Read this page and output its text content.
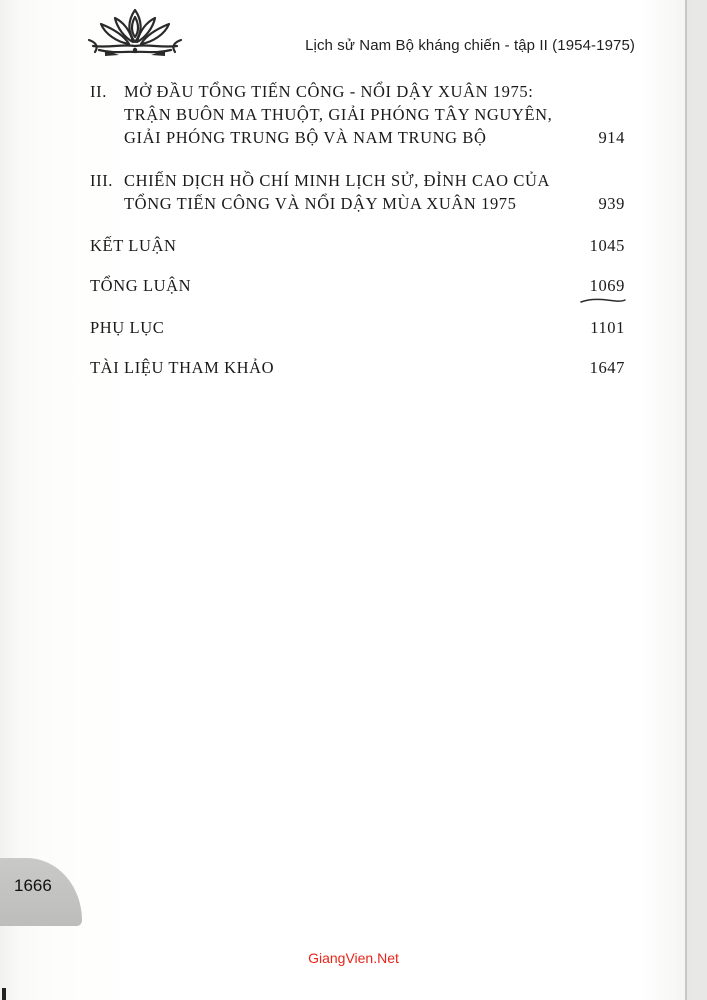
Lịch sử Nam Bộ kháng chiến - tập II (1954-1975)
II. MỞ ĐẦU TỔNG TIẾN CÔNG - NỔI DẬY XUÂN 1975:
TRẬN BUÔN MA THUỘT, GIẢI PHÓNG TÂY NGUYÊN,
GIẢI PHÓNG TRUNG BỘ VÀ NAM TRUNG BỘ	914
III. CHIẾN DỊCH HỒ CHÍ MINH LỊCH SỬ, ĐỈNH CAO CỦA
TỔNG TIẾN CÔNG VÀ NỔI DẬY MÙA XUÂN 1975	939
KẾT LUẬN	1045
TỔNG LUẬN	1069
PHỤ LỤC	1101
TÀI LIỆU THAM KHẢO	1647
1666
GiangVien.Net
